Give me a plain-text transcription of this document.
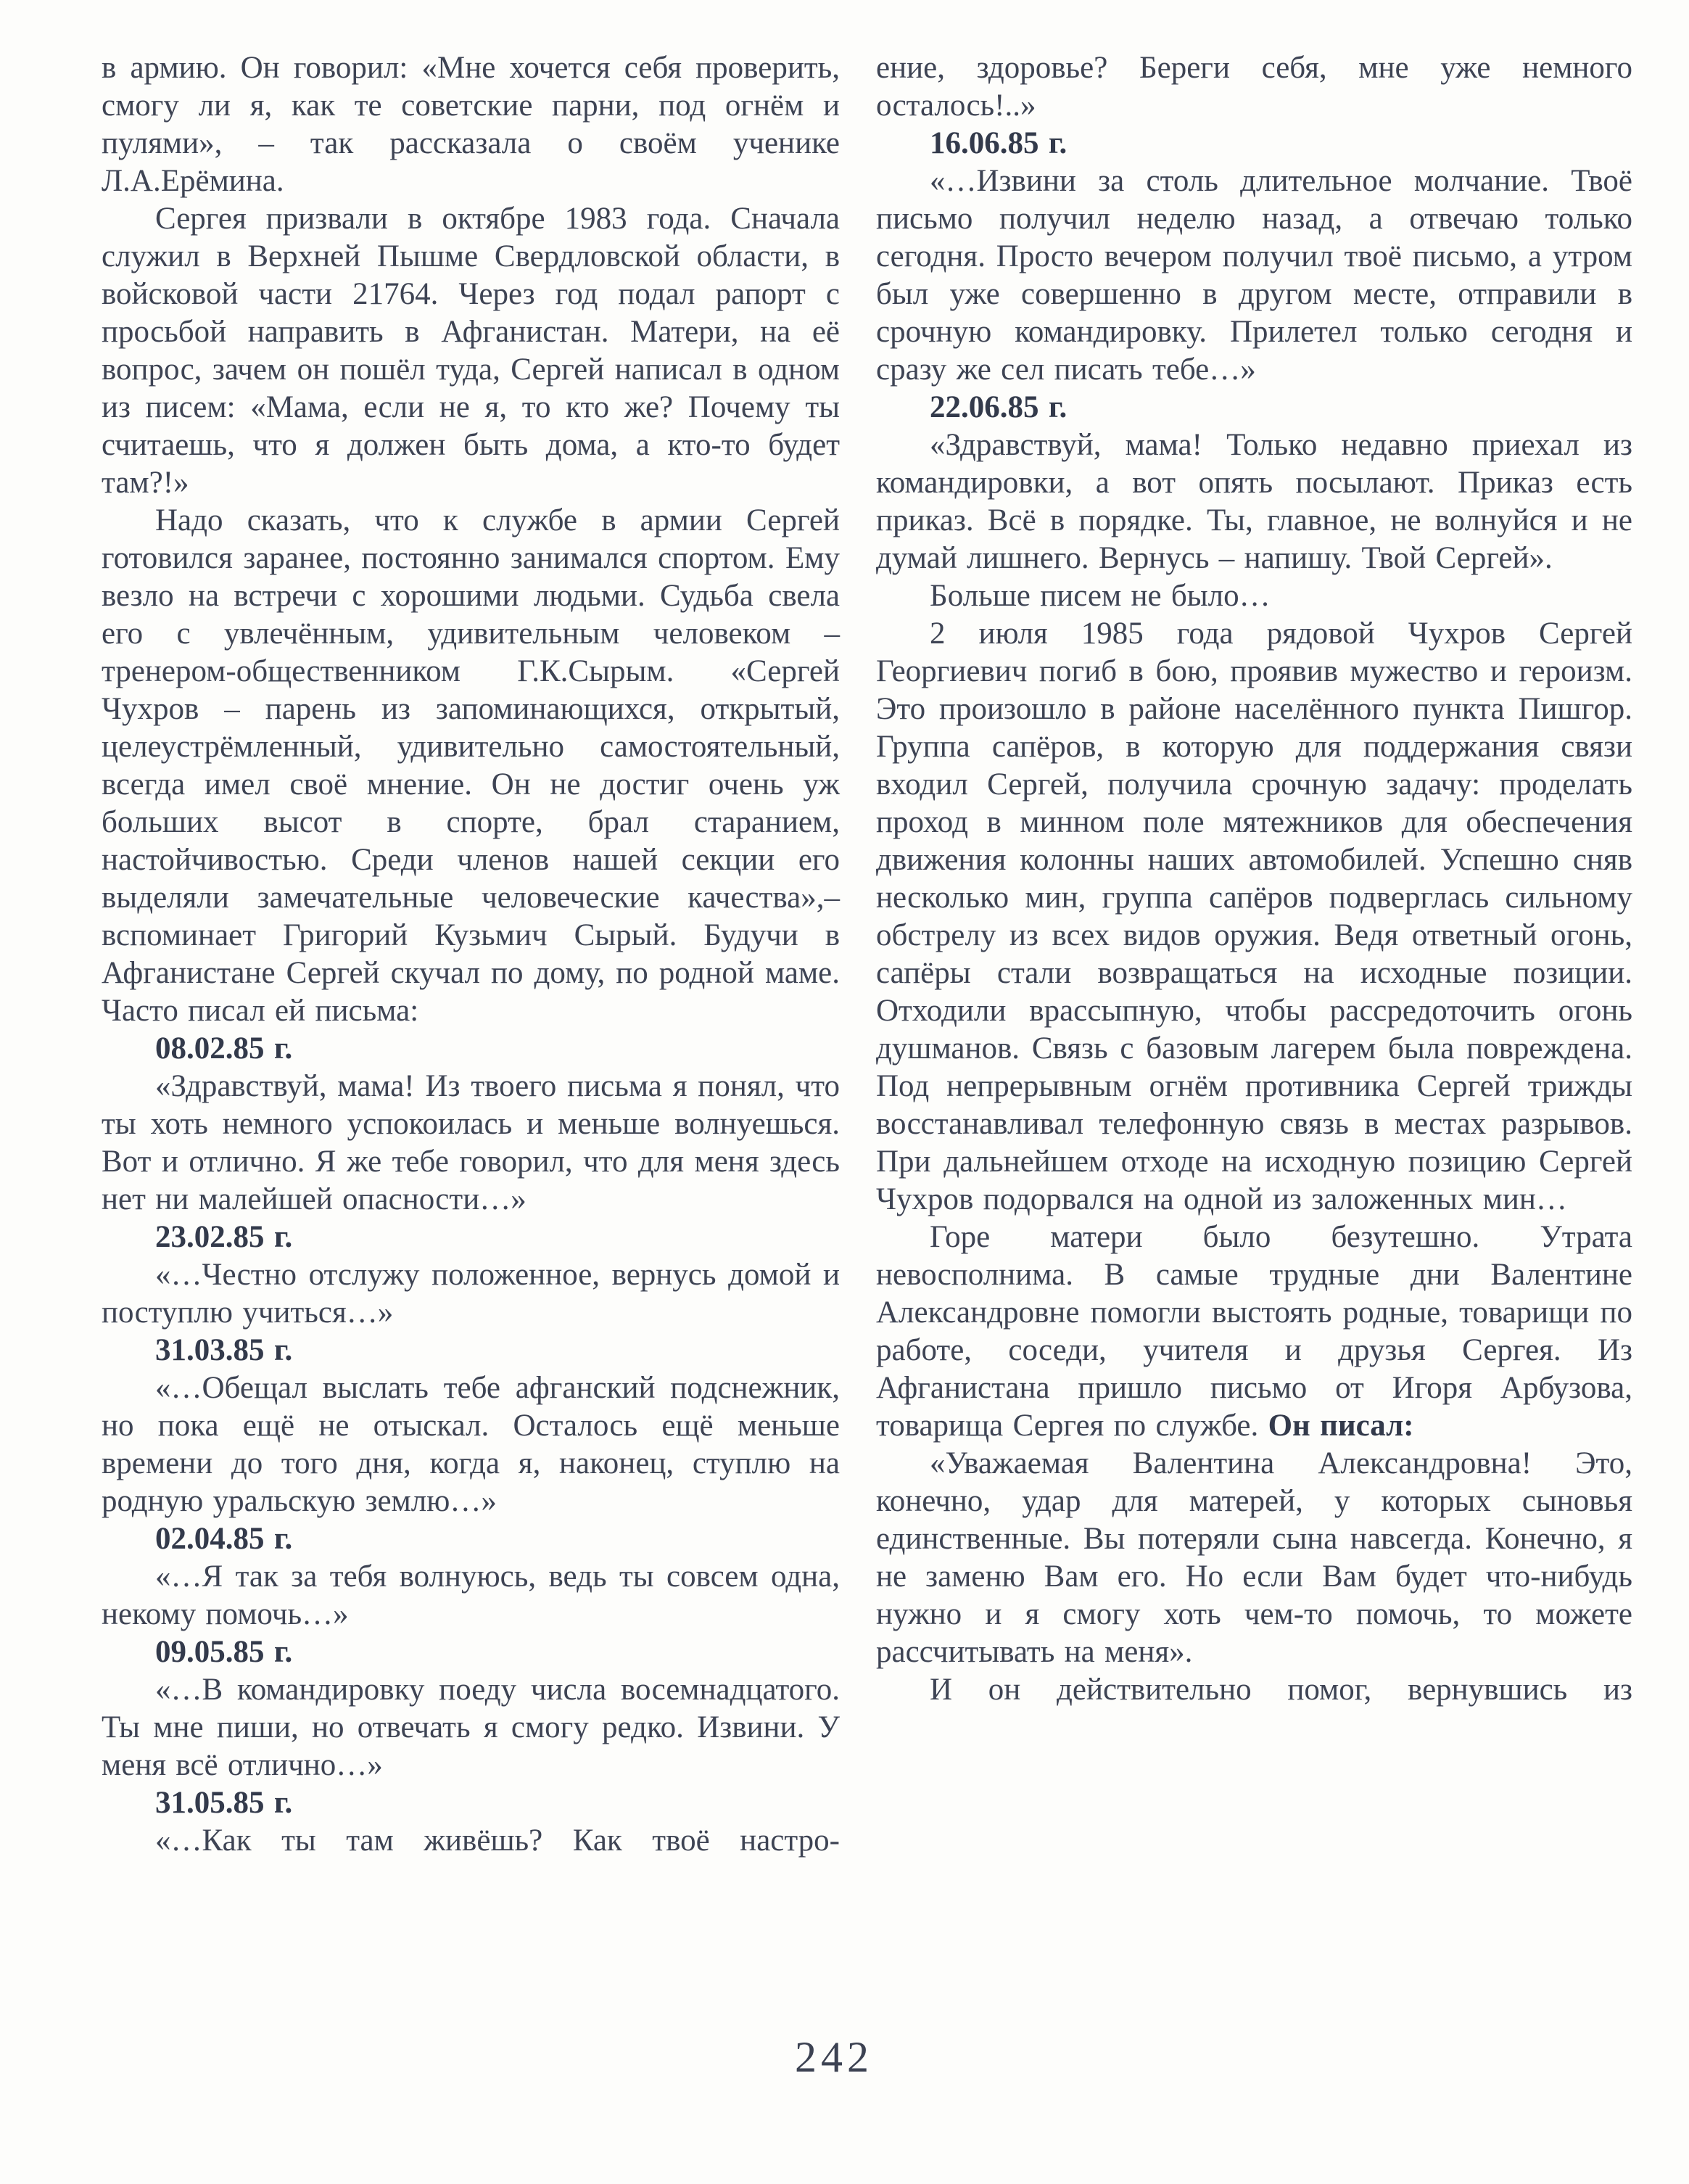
в армию. Он говорил: «Мне хочется себя проверить, смогу ли я, как те советские парни, под огнём и пулями», – так рассказала о своём ученике Л.А.Ерёмина.

Сергея призвали в октябре 1983 года. Сначала служил в Верхней Пышме Свердловской области, в войсковой части 21764. Через год подал рапорт с просьбой направить в Афганистан. Матери, на её вопрос, зачем он пошёл туда, Сергей написал в одном из писем: «Мама, если не я, то кто же? Почему ты считаешь, что я должен быть дома, а кто-то будет там?!»

Надо сказать, что к службе в армии Сергей готовился заранее, постоянно занимался спортом. Ему везло на встречи с хорошими людьми. Судьба свела его с увлечённым, удивительным человеком – тренером-общественником Г.К.Сырым. «Сергей Чухров – парень из запоминающихся, открытый, целеустрёмленный, удивительно самостоятельный, всегда имел своё мнение. Он не достиг очень уж больших высот в спорте, брал старанием, настойчивостью. Среди членов нашей секции его выделяли замечательные человеческие качества»,– вспоминает Григорий Кузьмич Сырый. Будучи в Афганистане Сергей скучал по дому, по родной маме. Часто писал ей письма:

08.02.85 г.

«Здравствуй, мама! Из твоего письма я понял, что ты хоть немного успокоилась и меньше волнуешься. Вот и отлично. Я же тебе говорил, что для меня здесь нет ни малейшей опасности…»

23.02.85 г.

«…Честно отслужу положенное, вернусь домой и поступлю учиться…»

31.03.85 г.

«…Обещал выслать тебе афганский подснежник, но пока ещё не отыскал. Осталось ещё меньше времени до того дня, когда я, наконец, ступлю на родную уральскую землю…»

02.04.85 г.

«…Я так за тебя волнуюсь, ведь ты совсем одна, некому помочь…»

09.05.85 г.

«…В командировку поеду числа восемнадцатого. Ты мне пиши, но отвечать я смогу редко. Извини. У меня всё отлично…»

31.05.85 г.

«…Как ты там живёшь? Как твоё настро-

ение, здоровье? Береги себя, мне уже немного осталось!..»

16.06.85 г.

«…Извини за столь длительное молчание. Твоё письмо получил неделю назад, а отвечаю только сегодня. Просто вечером получил твоё письмо, а утром был уже совершенно в другом месте, отправили в срочную командировку. Прилетел только сегодня и сразу же сел писать тебе…»

22.06.85 г.

«Здравствуй, мама! Только недавно приехал из командировки, а вот опять посылают. Приказ есть приказ. Всё в порядке. Ты, главное, не волнуйся и не думай лишнего. Вернусь – напишу. Твой Сергей».

Больше писем не было…

2 июля 1985 года рядовой Чухров Сергей Георгиевич погиб в бою, проявив мужество и героизм. Это произошло в районе населённого пункта Пишгор. Группа сапёров, в которую для поддержания связи входил Сергей, получила срочную задачу: проделать проход в минном поле мятежников для обеспечения движения колонны наших автомобилей. Успешно сняв несколько мин, группа сапёров подверглась сильному обстрелу из всех видов оружия. Ведя ответный огонь, сапёры стали возвращаться на исходные позиции. Отходили врассыпную, чтобы рассредоточить огонь душманов. Связь с базовым лагерем была повреждена. Под непрерывным огнём противника Сергей трижды восстанавливал телефонную связь в местах разрывов. При дальнейшем отходе на исходную позицию Сергей Чухров подорвался на одной из заложенных мин…

Горе матери было безутешно. Утрата невосполнима. В самые трудные дни Валентине Александровне помогли выстоять родные, товарищи по работе, соседи, учителя и друзья Сергея. Из Афганистана пришло письмо от Игоря Арбузова, товарища Сергея по службе. Он писал:

«Уважаемая Валентина Александровна! Это, конечно, удар для матерей, у которых сыновья единственные. Вы потеряли сына навсегда. Конечно, я не заменю Вам его. Но если Вам будет что-нибудь нужно и я смогу хоть чем-то помочь, то можете рассчитывать на меня».

И он действительно помог, вернувшись из

242
